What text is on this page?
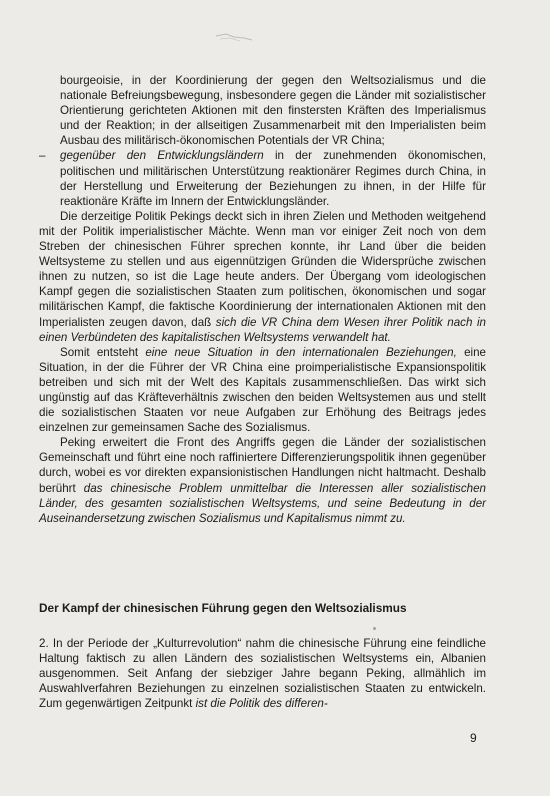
bourgeoisie, in der Koordinierung der gegen den Weltsozialismus und die nationale Befreiungsbewegung, insbesondere gegen die Länder mit sozialistischer Orientierung gerichteten Aktionen mit den finstersten Kräften des Imperialismus und der Reaktion; in der allseitigen Zusammenarbeit mit den Imperialisten beim Ausbau des militärisch-ökonomischen Potentials der VR China;

– gegenüber den Entwicklungsländern in der zunehmenden ökonomischen, politischen und militärischen Unterstützung reaktionärer Regimes durch China, in der Herstellung und Erweiterung der Beziehungen zu ihnen, in der Hilfe für reaktionäre Kräfte im Innern der Entwicklungsländer.

Die derzeitige Politik Pekings deckt sich in ihren Zielen und Methoden weitgehend mit der Politik imperialistischer Mächte. Wenn man vor einiger Zeit noch von dem Streben der chinesischen Führer sprechen konnte, ihr Land über die beiden Weltsysteme zu stellen und aus eigennützigen Gründen die Widersprüche zwischen ihnen zu nutzen, so ist die Lage heute anders. Der Übergang vom ideologischen Kampf gegen die sozialistischen Staaten zum politischen, ökonomischen und sogar militärischen Kampf, die faktische Koordinierung der internationalen Aktionen mit den Imperialisten zeugen davon, daß sich die VR China dem Wesen ihrer Politik nach in einen Verbündeten des kapitalistischen Weltsystems verwandelt hat.

Somit entsteht eine neue Situation in den internationalen Beziehungen, eine Situation, in der die Führer der VR China eine proimperialistische Expansionspolitik betreiben und sich mit der Welt des Kapitals zusammenschließen. Das wirkt sich ungünstig auf das Kräfteverhältnis zwischen den beiden Weltsystemen aus und stellt die sozialistischen Staaten vor neue Aufgaben zur Erhöhung des Beitrags jedes einzelnen zur gemeinsamen Sache des Sozialismus.

Peking erweitert die Front des Angriffs gegen die Länder der sozialistischen Gemeinschaft und führt eine noch raffiniertere Differenzierungspolitik ihnen gegenüber durch, wobei es vor direkten expansionistischen Handlungen nicht haltmacht. Deshalb berührt das chinesische Problem unmittelbar die Interessen aller sozialistischen Länder, des gesamten sozialistischen Weltsystems, und seine Bedeutung in der Auseinandersetzung zwischen Sozialismus und Kapitalismus nimmt zu.

Der Kampf der chinesischen Führung gegen den Weltsozialismus

2. In der Periode der „Kulturrevolution“ nahm die chinesische Führung eine feindliche Haltung faktisch zu allen Ländern des sozialistischen Weltsystems ein, Albanien ausgenommen. Seit Anfang der siebziger Jahre begann Peking, allmählich im Auswahlverfahren Beziehungen zu einzelnen sozialistischen Staaten zu entwickeln. Zum gegenwärtigen Zeitpunkt ist die Politik des differen-

9
